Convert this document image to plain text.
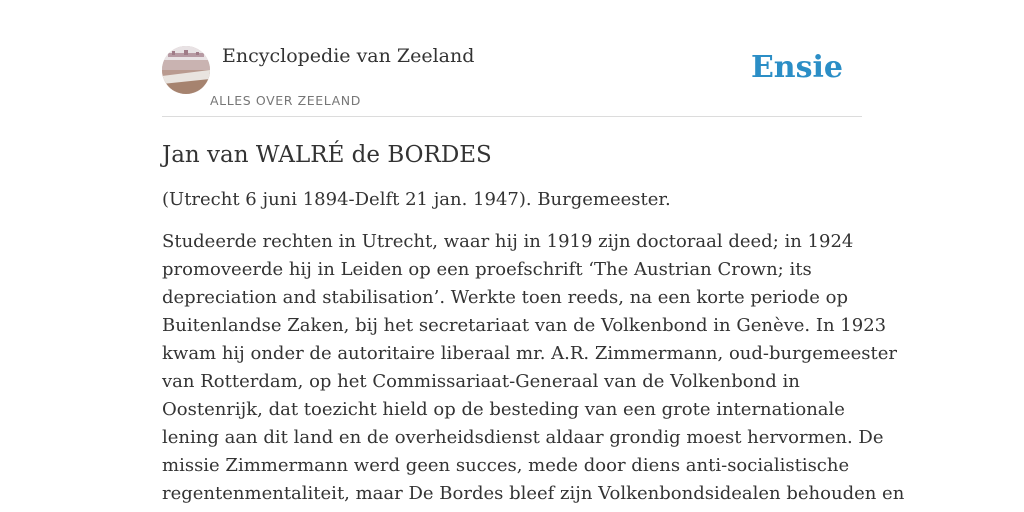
Encyclopedie van Zeeland
ALLES OVER ZEELAND
Ensie
Jan van WALRÉ de BORDES

(Utrecht 6 juni 1894-Delft 21 jan. 1947). Burgemeester.

Studeerde rechten in Utrecht, waar hij in 1919 zijn doctoraal deed; in 1924
promoveerde hij in Leiden op een proefschrift ‘The Austrian Crown; its
depreciation and stabilisation’. Werkte toen reeds, na een korte periode op
Buitenlandse Zaken, bij het secretariaat van de Volkenbond in Genève. In 1923
kwam hij onder de autoritaire liberaal mr. A.R. Zimmermann, oud-burgemeester
van Rotterdam, op het Commissariaat-Generaal van de Volkenbond in
Oostenrijk, dat toezicht hield op de besteding van een grote internationale
lening aan dit land en de overheidsdienst aldaar grondig moest hervormen. De
missie Zimmermann werd geen succes, mede door diens anti-socialistische
regentenmentaliteit, maar De Bordes bleef zijn Volkenbondsidealen behouden en
